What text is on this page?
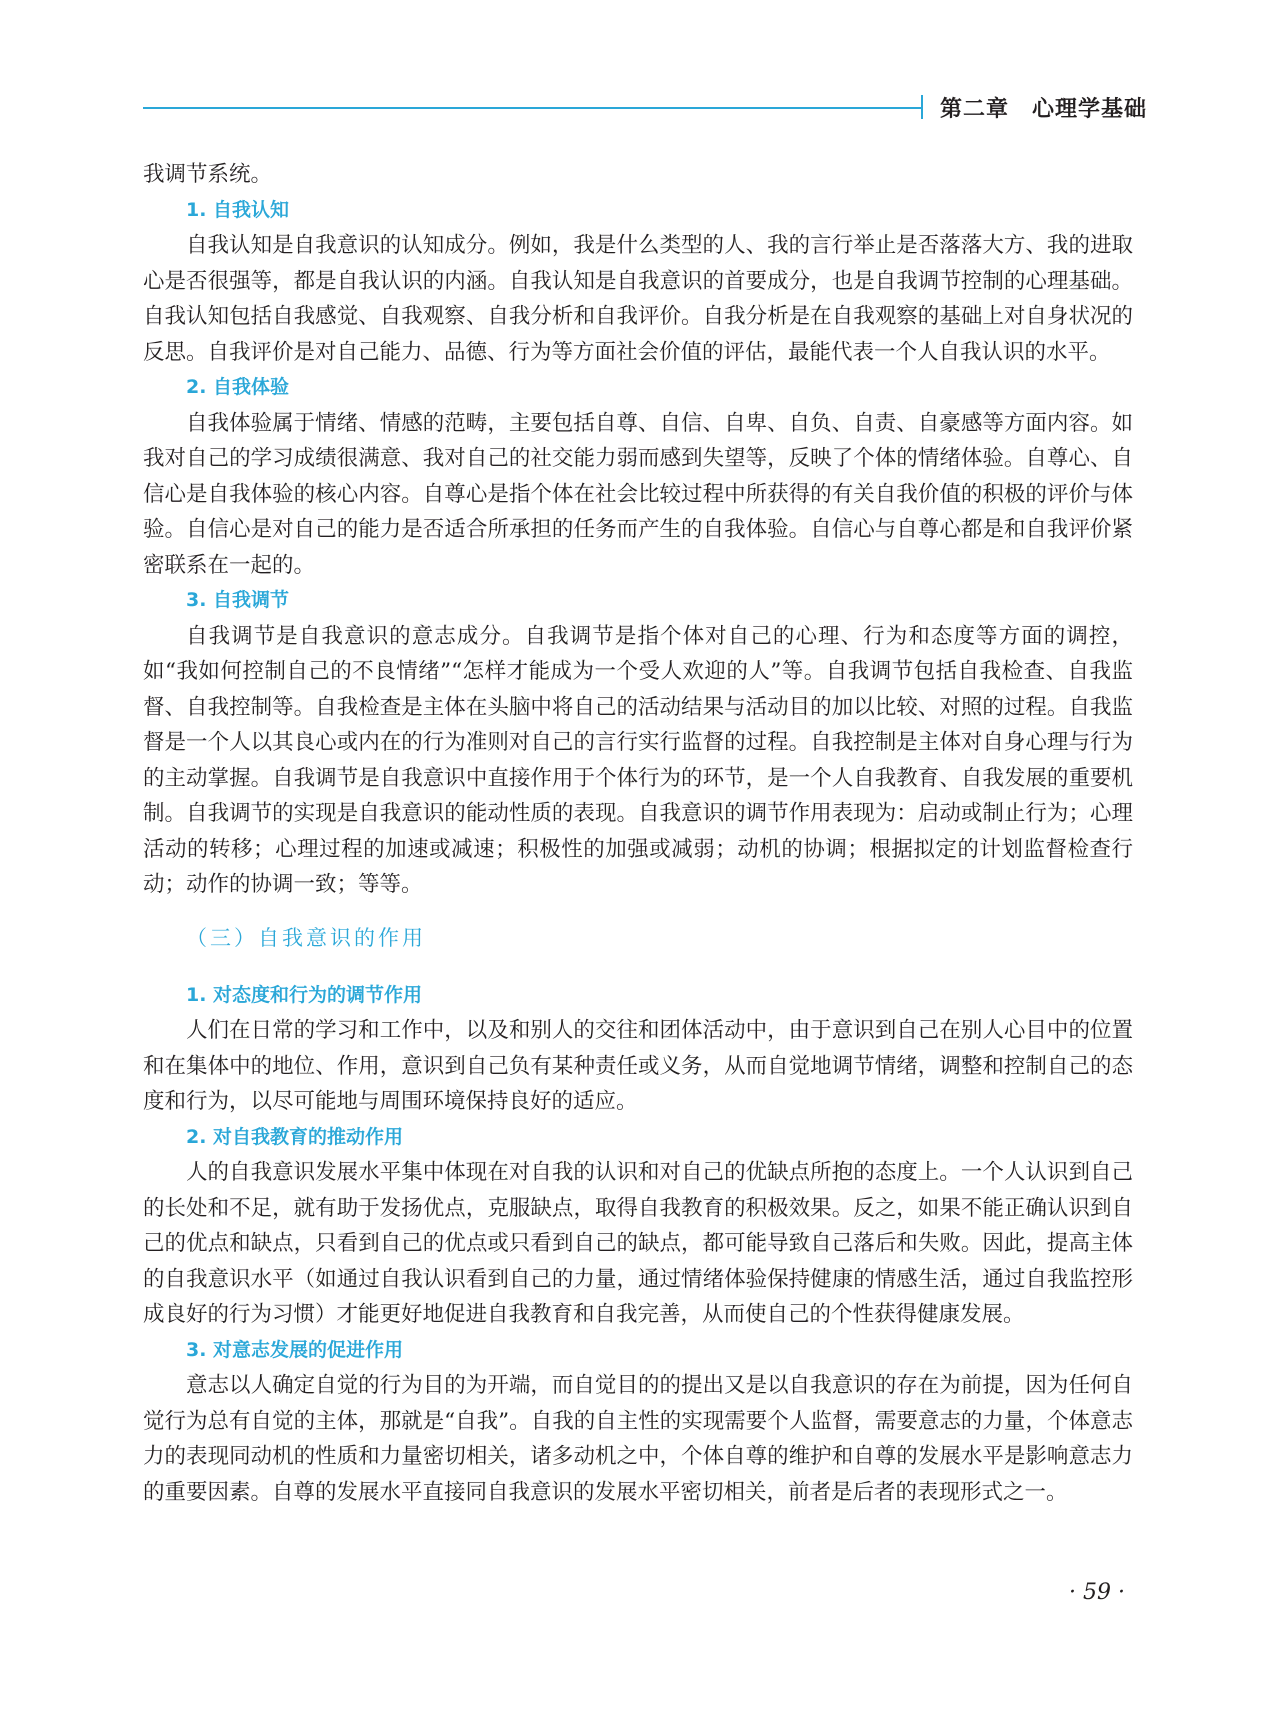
第二章　心理学基础

我调节系统。

1. 自我认知

自我认知是自我意识的认知成分。例如，我是什么类型的人、我的言行举止是否落落大方、我的进取心是否很强等，都是自我认识的内涵。自我认知是自我意识的首要成分，也是自我调节控制的心理基础。自我认知包括自我感觉、自我观察、自我分析和自我评价。自我分析是在自我观察的基础上对自身状况的反思。自我评价是对自己能力、品德、行为等方面社会价值的评估，最能代表一个人自我认识的水平。

2. 自我体验

自我体验属于情绪、情感的范畴，主要包括自尊、自信、自卑、自负、自责、自豪感等方面内容。如我对自己的学习成绩很满意、我对自己的社交能力弱而感到失望等，反映了个体的情绪体验。自尊心、自信心是自我体验的核心内容。自尊心是指个体在社会比较过程中所获得的有关自我价值的积极的评价与体验。自信心是对自己的能力是否适合所承担的任务而产生的自我体验。自信心与自尊心都是和自我评价紧密联系在一起的。

3. 自我调节

自我调节是自我意识的意志成分。自我调节是指个体对自己的心理、行为和态度等方面的调控，如“我如何控制自己的不良情绪”“怎样才能成为一个受人欢迎的人”等。自我调节包括自我检查、自我监督、自我控制等。自我检查是主体在头脑中将自己的活动结果与活动目的加以比较、对照的过程。自我监督是一个人以其良心或内在的行为准则对自己的言行实行监督的过程。自我控制是主体对自身心理与行为的主动掌握。自我调节是自我意识中直接作用于个体行为的环节，是一个人自我教育、自我发展的重要机制。自我调节的实现是自我意识的能动性质的表现。自我意识的调节作用表现为：启动或制止行为；心理活动的转移；心理过程的加速或减速；积极性的加强或减弱；动机的协调；根据拟定的计划监督检查行动；动作的协调一致；等等。

（三）自我意识的作用
1. 对态度和行为的调节作用

人们在日常的学习和工作中，以及和别人的交往和团体活动中，由于意识到自己在别人心目中的位置和在集体中的地位、作用，意识到自己负有某种责任或义务，从而自觉地调节情绪，调整和控制自己的态度和行为，以尽可能地与周围环境保持良好的适应。

2. 对自我教育的推动作用

人的自我意识发展水平集中体现在对自我的认识和对自己的优缺点所抱的态度上。一个人认识到自己的长处和不足，就有助于发扬优点，克服缺点，取得自我教育的积极效果。反之，如果不能正确认识到自己的优点和缺点，只看到自己的优点或只看到自己的缺点，都可能导致自己落后和失败。因此，提高主体的自我意识水平（如通过自我认识看到自己的力量，通过情绪体验保持健康的情感生活，通过自我监控形成良好的行为习惯）才能更好地促进自我教育和自我完善，从而使自己的个性获得健康发展。

3. 对意志发展的促进作用

意志以人确定自觉的行为目的为开端，而自觉目的的提出又是以自我意识的存在为前提，因为任何自觉行为总有自觉的主体，那就是“自我”。自我的自主性的实现需要个人监督，需要意志的力量，个体意志力的表现同动机的性质和力量密切相关，诸多动机之中，个体自尊的维护和自尊的发展水平是影响意志力的重要因素。自尊的发展水平直接同自我意识的发展水平密切相关，前者是后者的表现形式之一。

· 59 ·
